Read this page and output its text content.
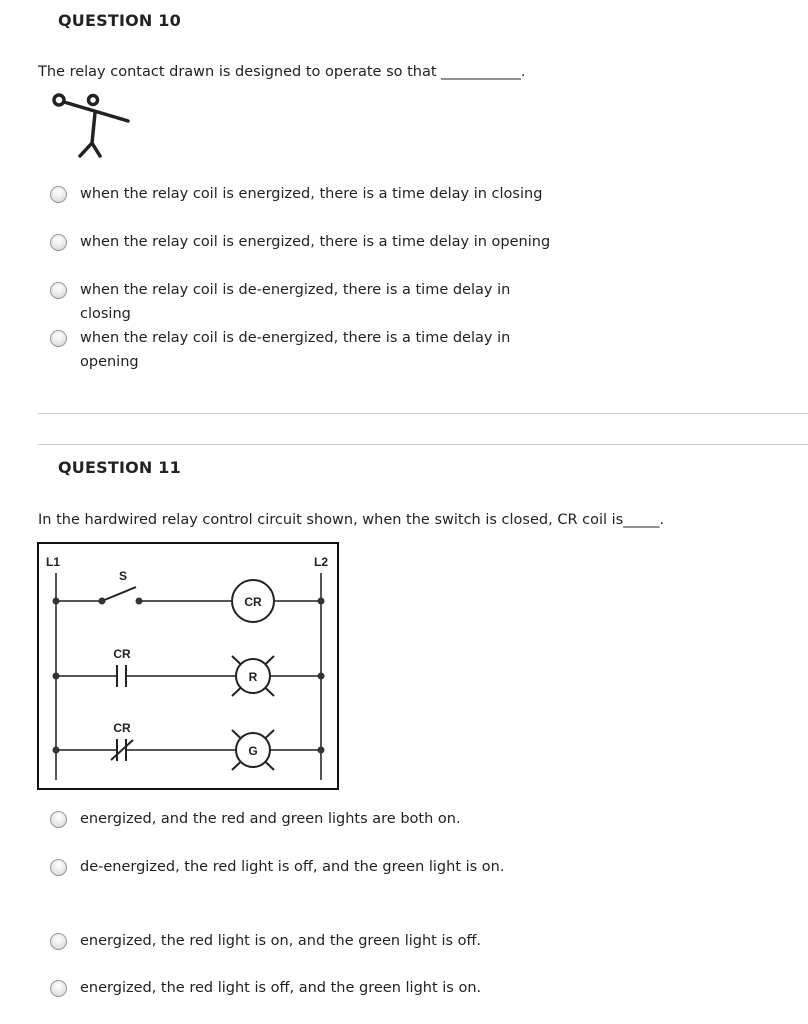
QUESTION 10
The relay contact drawn is designed to operate so that ___________.
when the relay coil is energized, there is a time delay in closing
when the relay coil is energized, there is a time delay in opening
when the relay coil is de-energized, there is a time delay in closing
when the relay coil is de-energized, there is a time delay in opening
QUESTION 11
In the hardwired relay control circuit shown, when the switch is closed, CR coil is_____.
L1	L2
S
CR
CR
R
CR
G
energized, and the red and green lights are both on.
de-energized, the red light is off, and the green light is on.
energized, the red light is on, and the green light is off.
energized, the red light is off, and the green light is on.
